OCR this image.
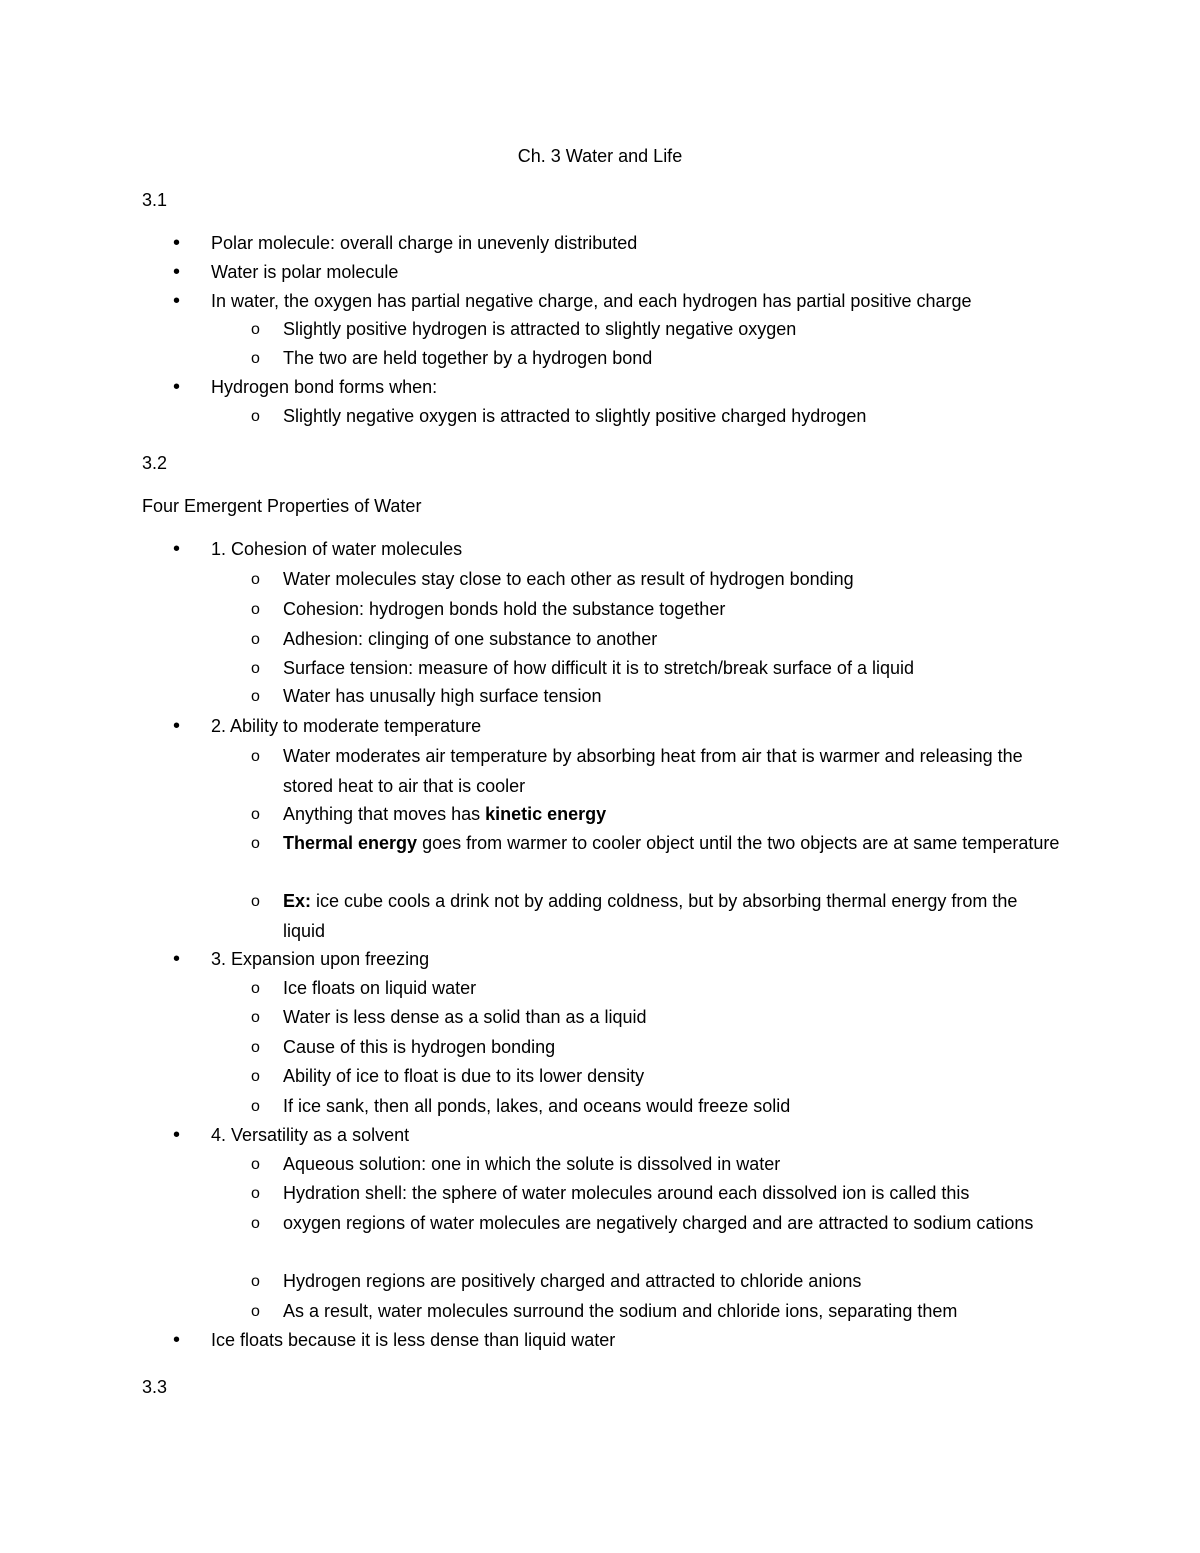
Ch. 3 Water and Life
3.1
• Polar molecule: overall charge in unevenly distributed
• Water is polar molecule
• In water, the oxygen has partial negative charge, and each hydrogen has partial positive charge
o Slightly positive hydrogen is attracted to slightly negative oxygen
o The two are held together by a hydrogen bond
• Hydrogen bond forms when:
o Slightly negative oxygen is attracted to slightly positive charged hydrogen
3.2
Four Emergent Properties of Water
• 1. Cohesion of water molecules
o Water molecules stay close to each other as result of hydrogen bonding
o Cohesion: hydrogen bonds hold the substance together
o Adhesion: clinging of one substance to another
o Surface tension: measure of how difficult it is to stretch/break surface of a liquid
o Water has unusally high surface tension
• 2. Ability to moderate temperature
o Water moderates air temperature by absorbing heat from air that is warmer and releasing the stored heat to air that is cooler
o Anything that moves has kinetic energy
o Thermal energy goes from warmer to cooler object until the two objects are at same temperature
o Ex: ice cube cools a drink not by adding coldness, but by absorbing thermal energy from the liquid
• 3. Expansion upon freezing
o Ice floats on liquid water
o Water is less dense as a solid than as a liquid
o Cause of this is hydrogen bonding
o Ability of ice to float is due to its lower density
o If ice sank, then all ponds, lakes, and oceans would freeze solid
• 4. Versatility as a solvent
o Aqueous solution: one in which the solute is dissolved in water
o Hydration shell: the sphere of water molecules around each dissolved ion is called this
o oxygen regions of water molecules are negatively charged and are attracted to sodium cations
o Hydrogen regions are positively charged and attracted to chloride anions
o As a result, water molecules surround the sodium and chloride ions, separating them
• Ice floats because it is less dense than liquid water
3.3
